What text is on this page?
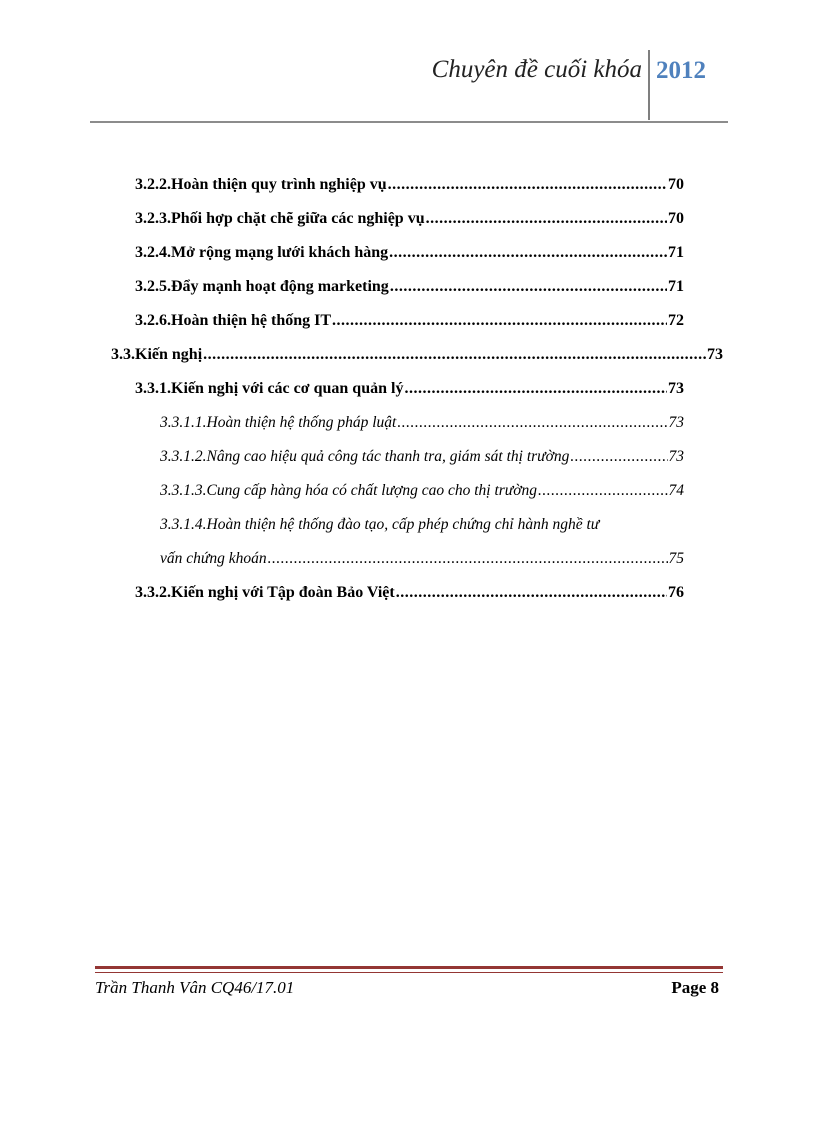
Chuyên đề cuối khóa 2012
3.2.2.Hoàn thiện quy trình nghiệp vụ .....	70
3.2.3.Phối hợp chặt chẽ giữa các nghiệp vụ .....	70
3.2.4.Mở rộng mạng lưới khách hàng .....	71
3.2.5.Đẩy mạnh hoạt động marketing .....	71
3.2.6.Hoàn thiện hệ thống IT .....	72
3.3.Kiến nghị .....	73
3.3.1.Kiến nghị với các cơ quan quản lý .....	73
3.3.1.1.Hoàn thiện hệ thống pháp luật .....	73
3.3.1.2.Nâng cao hiệu quả công tác thanh tra, giám sát thị trường .....	73
3.3.1.3.Cung cấp hàng hóa có chất lượng cao cho thị trường .....	74
3.3.1.4.Hoàn thiện hệ thống đào tạo, cấp phép chứng chỉ hành nghề tư
vấn chứng khoán .....	75
3.3.2.Kiến nghị với Tập đoàn Bảo Việt .....	76
Trần Thanh Vân CQ46/17.01	Page 8
